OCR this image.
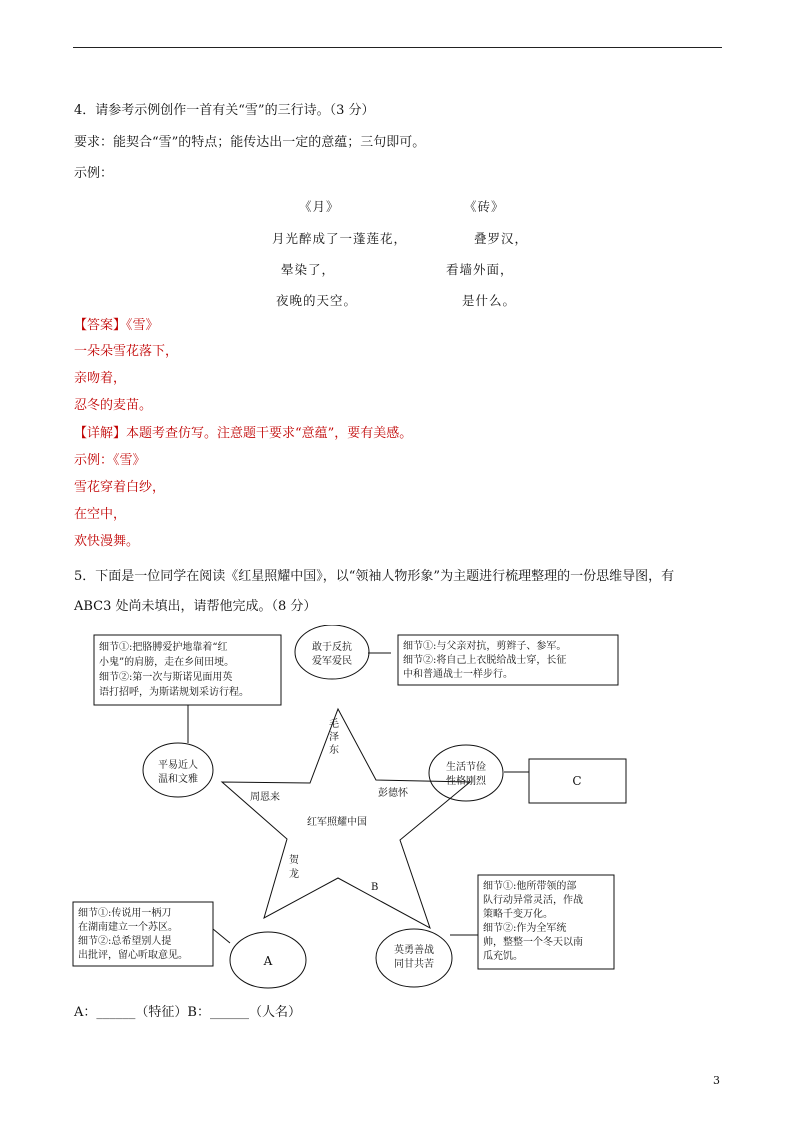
4．请参考示例创作一首有关“雪”的三行诗。（3 分）
要求：能契合“雪”的特点；能传达出一定的意蕴；三句即可。
示例：
《月》
月光醉成了一蓬莲花，
晕染了，
夜晚的天空。
《砖》
叠罗汉，
看墙外面，
是什么。
【答案】《雪》
一朵朵雪花落下，
亲吻着，
忍冬的麦苗。
【详解】本题考查仿写。注意题干要求“意蕴”，要有美感。
示例：《雪》
雪花穿着白纱，
在空中，
欢快漫舞。
5．下面是一位同学在阅读《红星照耀中国》，以“领袖人物形象”为主题进行梳理整理的一份思维导图，有
ABC3 处尚未填出，请帮他完成。（8 分）
细节①:把胳膊爱护地靠着“红
小鬼”的肩膀，走在乡间田埂。
细节②:第一次与斯诺见面用英
语打招呼，为斯诺规划采访行程。
敢于反抗
爱军爱民
细节①:与父亲对抗，剪辫子、参军。
细节②:将自己上衣脱给战士穿，长征
中和普通战士一样步行。
平易近人
温和文雅
生活节俭
性格刚烈	C
毛
泽
东
周恩来	彭德怀
红军照耀中国
贺
龙
B
细节①:传说用一柄刀
在湖南建立一个苏区。
细节②:总希望别人提
出批评，留心听取意见。	A
英勇善战
同甘共苦
细节①:他所带领的部
队行动异常灵活，作战
策略千变万化。
细节②:作为全军统
帅，整整一个冬天以南
瓜充饥。
A：______（特征）B：______（人名）
3
